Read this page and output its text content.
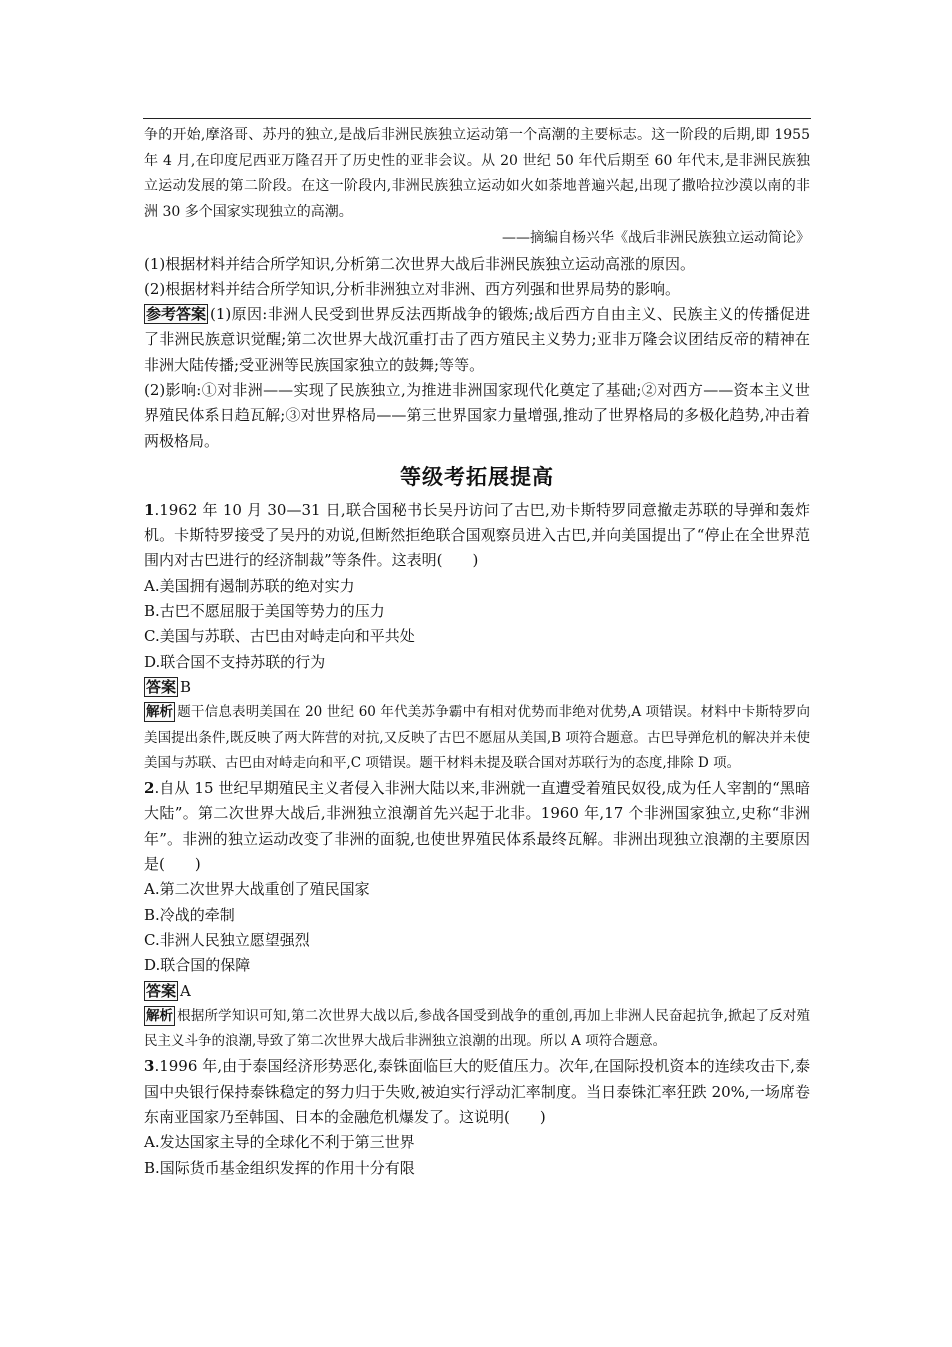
争的开始,摩洛哥、苏丹的独立,是战后非洲民族独立运动第一个高潮的主要标志。这一阶段的后期,即 1955 年 4 月,在印度尼西亚万隆召开了历史性的亚非会议。从 20 世纪 50 年代后期至 60 年代末,是非洲民族独立运动发展的第二阶段。在这一阶段内,非洲民族独立运动如火如荼地普遍兴起,出现了撒哈拉沙漠以南的非洲 30 多个国家实现独立的高潮。

——摘编自杨兴华《战后非洲民族独立运动简论》

(1)根据材料并结合所学知识,分析第二次世界大战后非洲民族独立运动高涨的原因。

(2)根据材料并结合所学知识,分析非洲独立对非洲、西方列强和世界局势的影响。

参考答案 (1)原因:非洲人民受到世界反法西斯战争的锻炼;战后西方自由主义、民族主义的传播促进了非洲民族意识觉醒;第二次世界大战沉重打击了西方殖民主义势力;亚非万隆会议团结反帝的精神在非洲大陆传播;受亚洲等民族国家独立的鼓舞;等等。

(2)影响:①对非洲——实现了民族独立,为推进非洲国家现代化奠定了基础;②对西方——资本主义世界殖民体系日趋瓦解;③对世界格局——第三世界国家力量增强,推动了世界格局的多极化趋势,冲击着两极格局。

等级考拓展提高

1.1962 年 10 月 30—31 日,联合国秘书长吴丹访问了古巴,劝卡斯特罗同意撤走苏联的导弹和轰炸机。卡斯特罗接受了吴丹的劝说,但断然拒绝联合国观察员进入古巴,并向美国提出了“停止在全世界范围内对古巴进行的经济制裁”等条件。这表明(　　)

A.美国拥有遏制苏联的绝对实力

B.古巴不愿屈服于美国等势力的压力

C.美国与苏联、古巴由对峙走向和平共处

D.联合国不支持苏联的行为

答案 B

解析 题干信息表明美国在 20 世纪 60 年代美苏争霸中有相对优势而非绝对优势,A 项错误。材料中卡斯特罗向美国提出条件,既反映了两大阵营的对抗,又反映了古巴不愿屈从美国,B 项符合题意。古巴导弹危机的解决并未使美国与苏联、古巴由对峙走向和平,C 项错误。题干材料未提及联合国对苏联行为的态度,排除 D 项。

2.自从 15 世纪早期殖民主义者侵入非洲大陆以来,非洲就一直遭受着殖民奴役,成为任人宰割的“黑暗大陆”。第二次世界大战后,非洲独立浪潮首先兴起于北非。1960 年,17 个非洲国家独立,史称“非洲年”。非洲的独立运动改变了非洲的面貌,也使世界殖民体系最终瓦解。非洲出现独立浪潮的主要原因是(　　)

A.第二次世界大战重创了殖民国家

B.冷战的牵制

C.非洲人民独立愿望强烈

D.联合国的保障

答案 A

解析 根据所学知识可知,第二次世界大战以后,参战各国受到战争的重创,再加上非洲人民奋起抗争,掀起了反对殖民主义斗争的浪潮,导致了第二次世界大战后非洲独立浪潮的出现。所以 A 项符合题意。

3.1996 年,由于泰国经济形势恶化,泰铢面临巨大的贬值压力。次年,在国际投机资本的连续攻击下,泰国中央银行保持泰铢稳定的努力归于失败,被迫实行浮动汇率制度。当日泰铢汇率狂跌 20%,一场席卷东南亚国家乃至韩国、日本的金融危机爆发了。这说明(　　)

A.发达国家主导的全球化不利于第三世界

B.国际货币基金组织发挥的作用十分有限
